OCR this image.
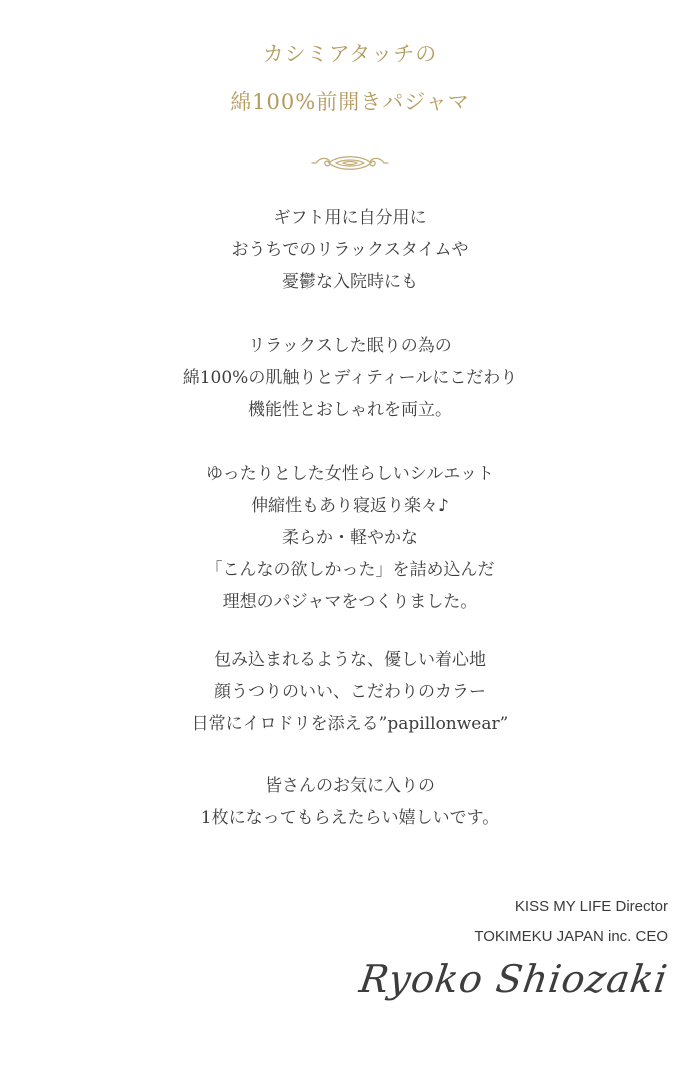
カシミアタッチの
綿100%前開きパジャマ
ギフト用に自分用に
おうちでのリラックスタイムや
憂鬱な入院時にも
リラックスした眠りの為の
綿100%の肌触りとディティールにこだわり
機能性とおしゃれを両立。
ゆったりとした女性らしいシルエット
伸縮性もあり寝返り楽々♪
柔らか・軽やかな
「こんなの欲しかった」を詰め込んだ
理想のパジャマをつくりました。
包み込まれるような、優しい着心地
顔うつりのいい、こだわりのカラー
日常にイロドリを添える”papillonwear”
皆さんのお気に入りの
1枚になってもらえたらい嬉しいです。
KISS MY LIFE Director
TOKIMEKU JAPAN inc. CEO
Ryoko Shiozaki
